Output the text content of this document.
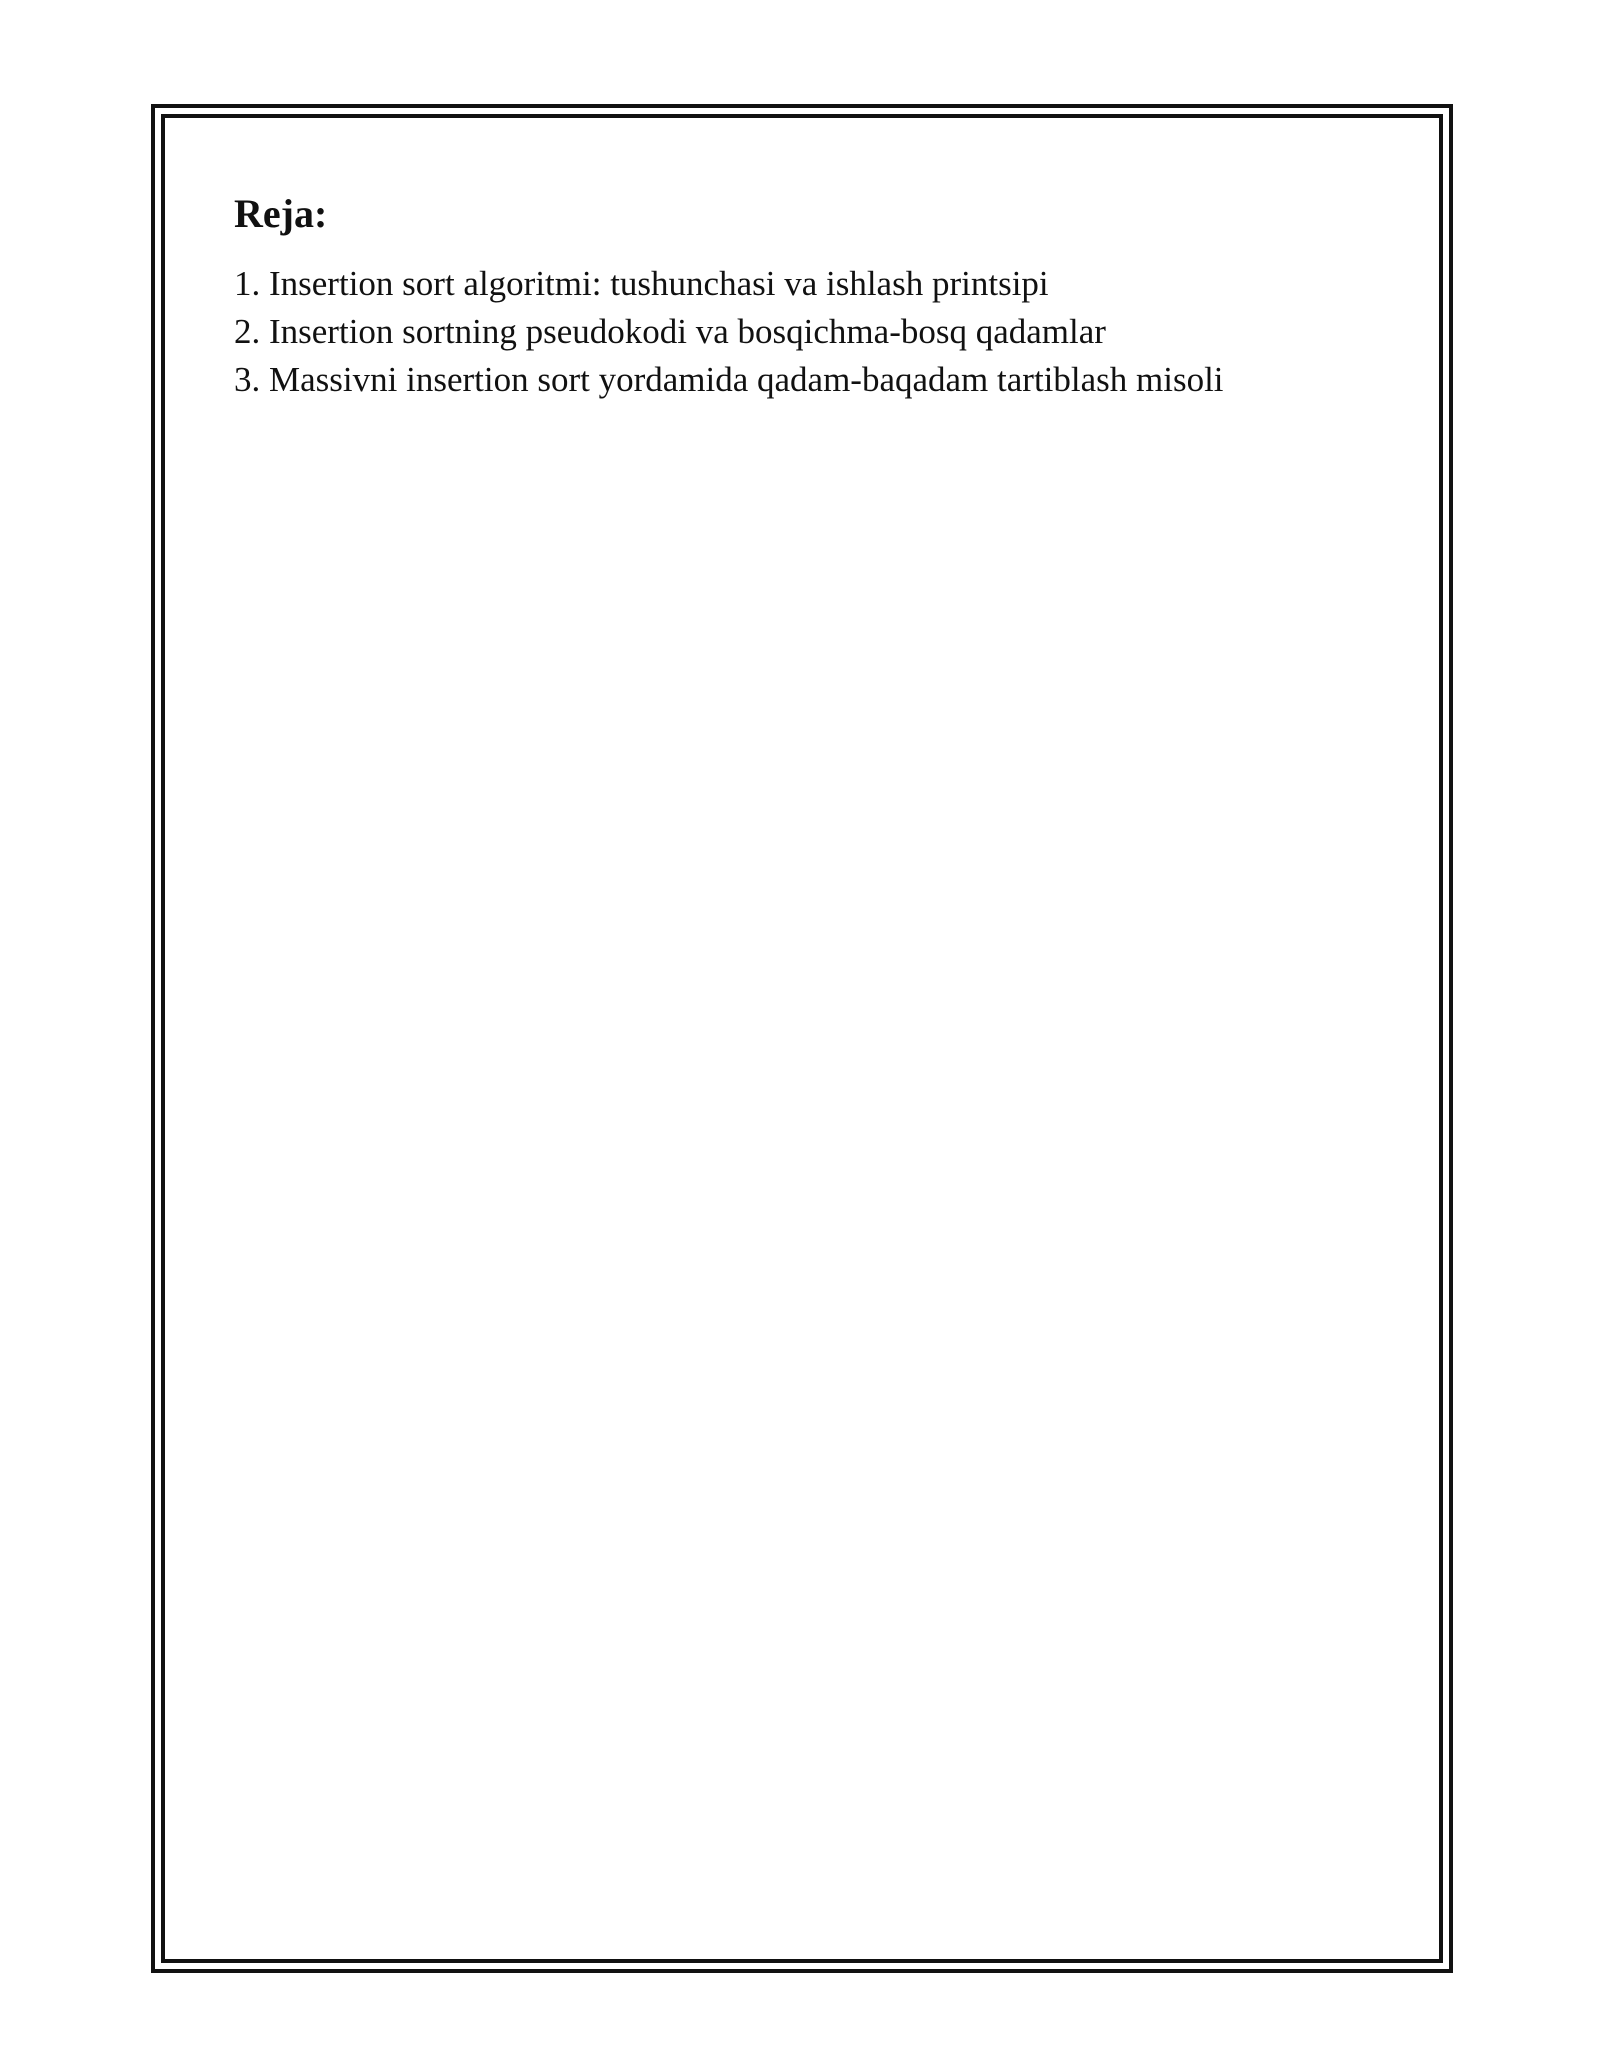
Reja:
1. Insertion sort algoritmi: tushunchasi va ishlash printsipi
2. Insertion sortning pseudokodi va bosqichma-bosq qadamlar
3. Massivni insertion sort yordamida qadam-baqadam tartiblash misoli
